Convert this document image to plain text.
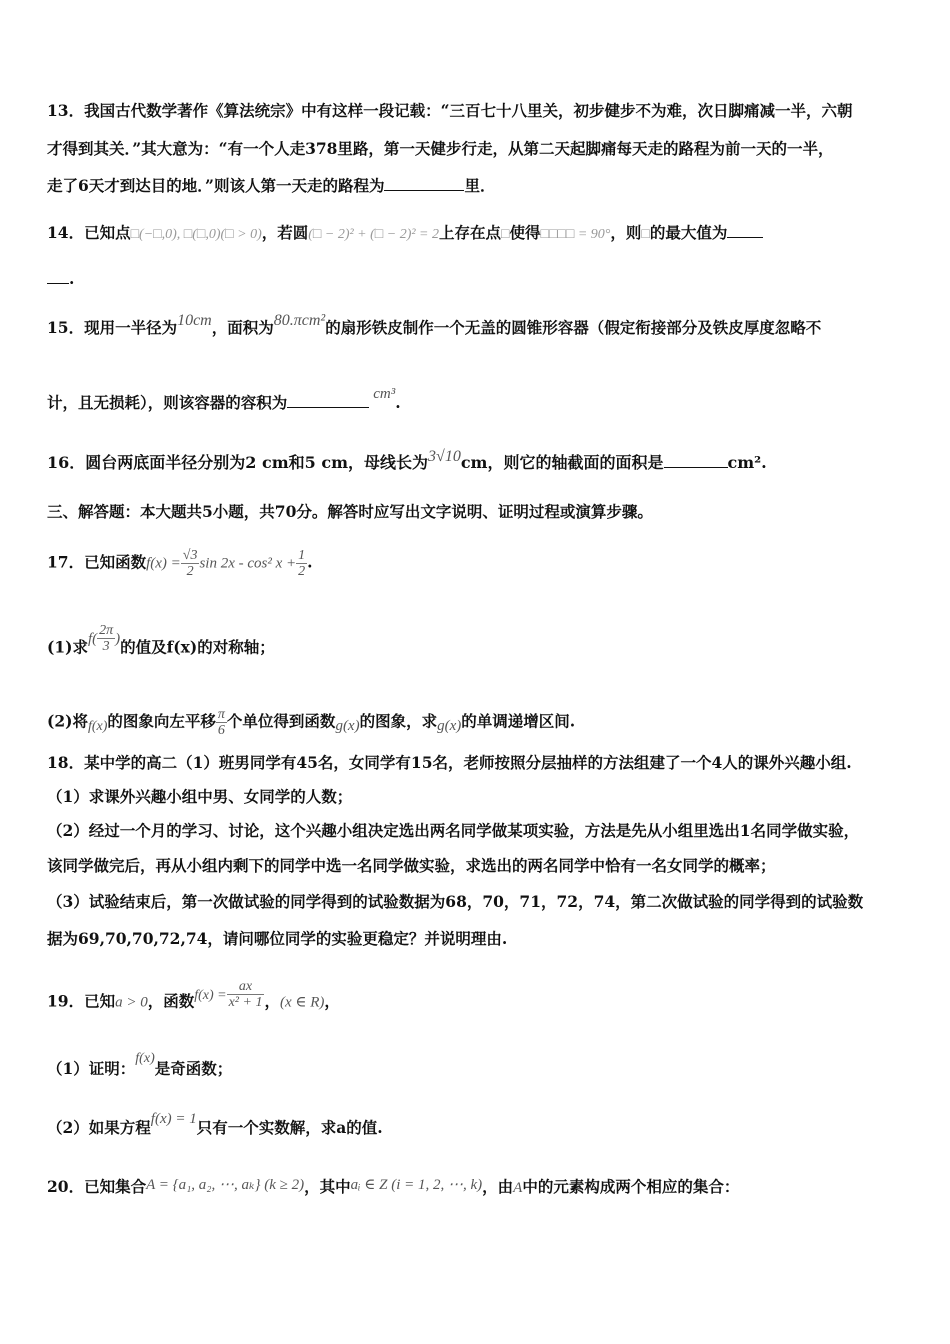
13．我国古代数学著作《算法统宗》中有这样一段记载：“三百七十八里关，初步健步不为难，次日脚痛减一半，六朝
才得到其关．”其大意为：“有一个人走378里路，第一天健步行走，从第二天起脚痛每天走的路程为前一天的一半，
走了6天才到达目的地．”则该人第一天走的路程为	里．
14．已知点□(−□,0), □(□,0)(□ > 0)，若圆(□ − 2)² + (□ − 2)² = 2上存在点□使得□□□□ = 90°，则□的最大值为
.
15．现用一半径为10cm，面积为80.πcm²的扇形铁皮制作一个无盖的圆锥形容器（假定衔接部分及铁皮厚度忽略不
计，且无损耗），则该容器的容积为	cm³.
16．圆台两底面半径分别为2 cm和5 cm，母线长为3√10cm，则它的轴截面的面积是	cm².
三、解答题：本大题共5小题，共70分。解答时应写出文字说明、证明过程或演算步骤。
17．已知函数$f(x) = \frac{√3}{2}$ sin 2x - cos² $x + \frac{1}{2}$ .
(1)求$f( \frac{2\pi}{3}$ )的值及f(x)的对称轴；
(2)将f(x)的图象向左平移 $\frac{\pi}{6}$ 个单位得到函数g(x)的图象，求g(x)的单调递增区间.
18．某中学的高二（1）班男同学有45名，女同学有15名，老师按照分层抽样的方法组建了一个4人的课外兴趣小组.
（1）求课外兴趣小组中男、女同学的人数；
（2）经过一个月的学习、讨论，这个兴趣小组决定选出两名同学做某项实验，方法是先从小组里选出1名同学做实验，
该同学做完后，再从小组内剩下的同学中选一名同学做实验，求选出的两名同学中恰有一名女同学的概率；
（3）试验结束后，第一次做试验的同学得到的试验数据为68，70，71，72，74，第二次做试验的同学得到的试验数
据为69,70,70,72,74，请问哪位同学的实验更稳定？并说明理由.
19．已知a > 0，函数$f(x) = \frac{ax}{\text{x² + 1}}$ ，(x ∈ R)，
（1）证明：f(x)是奇函数；
（2）如果方程f(x) = 1只有一个实数解，求a的值.
20．已知集合A = {a₁, a₂, ⋯, aₖ} (k ≥ 2)，其中aᵢ ∈ Z (i = 1, 2, ⋯, k)，由A中的元素构成两个相应的集合：
